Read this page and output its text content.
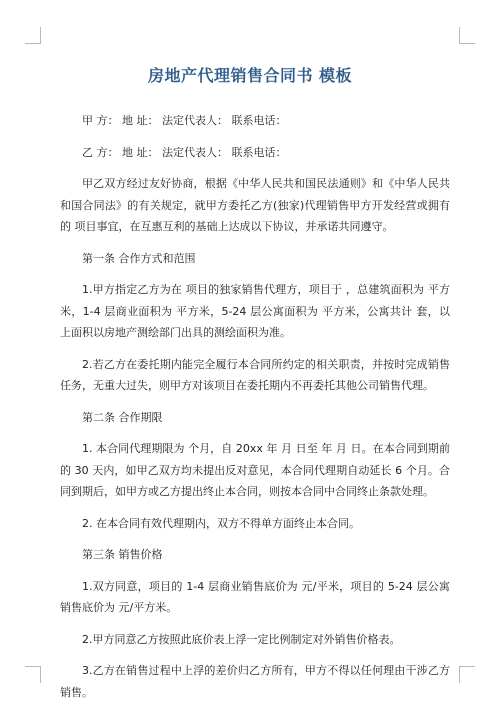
房地产代理销售合同书 模板

甲 方： 地 址： 法定代表人： 联系电话：

乙 方： 地 址： 法定代表人： 联系电话：

甲乙双方经过友好协商，根据《中华人民共和国民法通则》和《中华人民共和国合同法》的有关规定，就甲方委托乙方(独家)代理销售甲方开发经营或拥有的 项目事宜，在互惠互利的基础上达成以下协议，并承诺共同遵守。

第一条 合作方式和范围

1.甲方指定乙方为在 项目的独家销售代理方，项目于 ，总建筑面积为 平方米，1-4 层商业面积为 平方米，5-24 层公寓面积为 平方米，公寓共计 套，以上面积以房地产测绘部门出具的测绘面积为准。

2.若乙方在委托期内能完全履行本合同所约定的相关职责，并按时完成销售任务，无重大过失，则甲方对该项目在委托期内不再委托其他公司销售代理。

第二条 合作期限

1. 本合同代理期限为 个月，自 20xx 年 月 日至 年 月 日。在本合同到期前的 30 天内，如甲乙双方均未提出反对意见，本合同代理期自动延长 6 个月。合同到期后，如甲方或乙方提出终止本合同，则按本合同中合同终止条款处理。

2. 在本合同有效代理期内，双方不得单方面终止本合同。

第三条 销售价格

1.双方同意，项目的 1-4 层商业销售底价为 元/平米，项目的 5-24 层公寓销售底价为 元/平方米。

2.甲方同意乙方按照此底价表上浮一定比例制定对外销售价格表。

3.乙方在销售过程中上浮的差价归乙方所有，甲方不得以任何理由干涉乙方销售。
